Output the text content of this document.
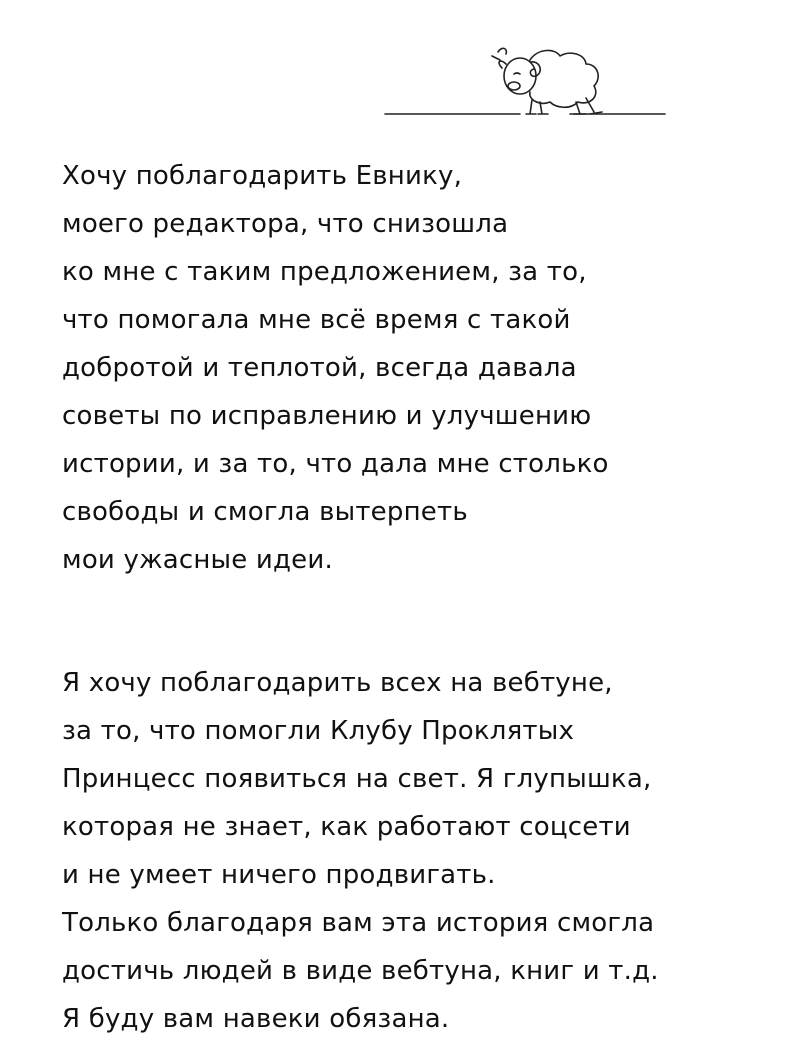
Хочу поблагодарить Евнику,
моего редактора, что снизошла
ко мне с таким предложением, за то,
что помогала мне всё время с такой
добротой и теплотой, всегда давала
советы по исправлению и улучшению
истории, и за то, что дала мне столько
свободы и смогла вытерпеть
мои ужасные идеи.

Я хочу поблагодарить всех на вебтуне,
за то, что помогли Клубу Проклятых
Принцесс появиться на свет. Я глупышка,
которая не знает, как работают соцсети
и не умеет ничего продвигать.
Только благодаря вам эта история смогла
достичь людей в виде вебтуна, книг и т.д.
Я буду вам навеки обязана.
